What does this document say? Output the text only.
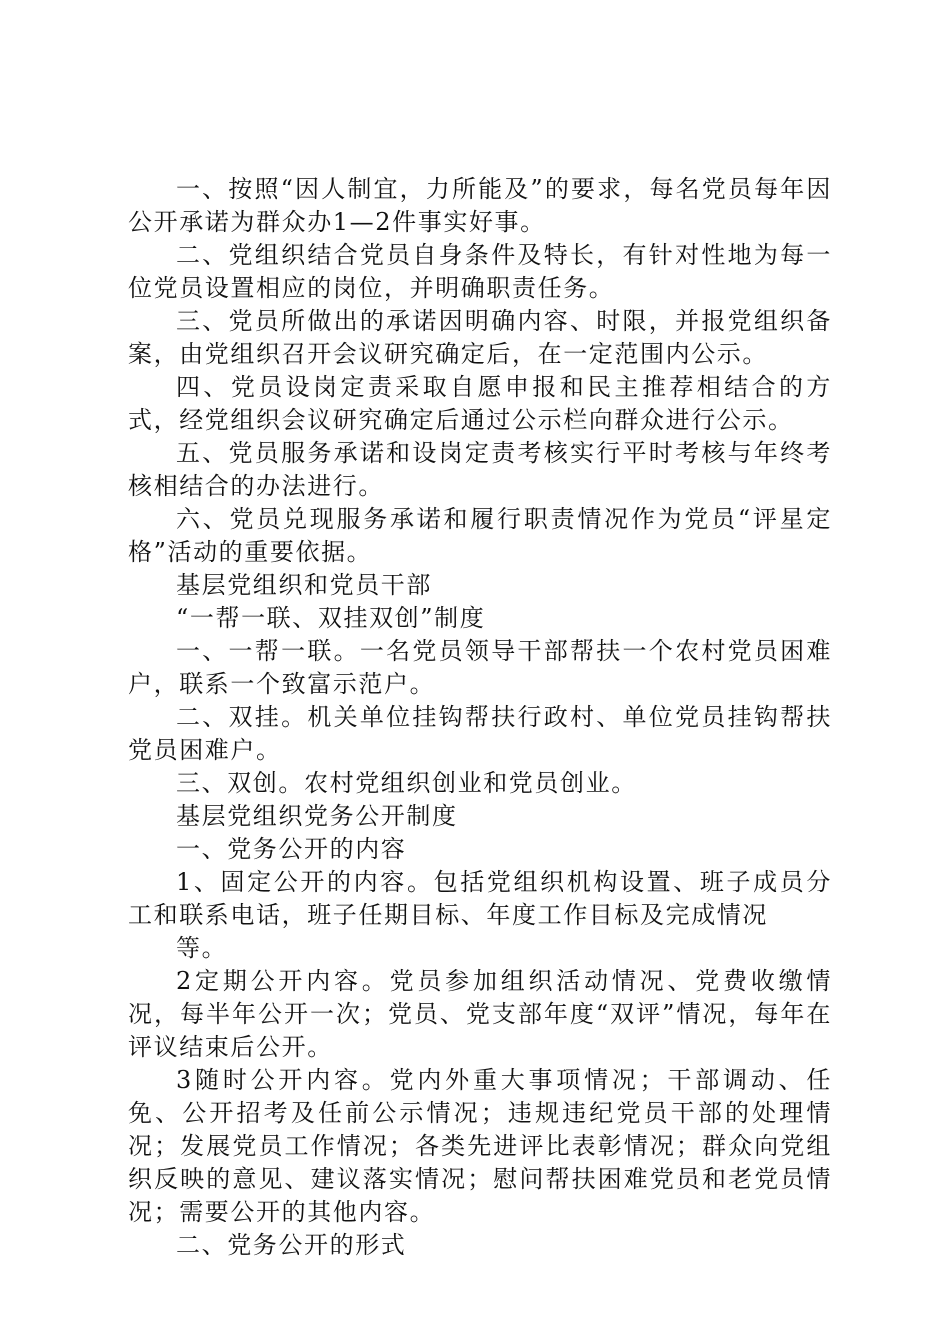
一、按照“因人制宜，力所能及”的要求，每名党员每年因公开承诺为群众办1—2件事实好事。

二、党组织结合党员自身条件及特长，有针对性地为每一位党员设置相应的岗位，并明确职责任务。

三、党员所做出的承诺因明确内容、时限，并报党组织备案，由党组织召开会议研究确定后，在一定范围内公示。

四、党员设岗定责采取自愿申报和民主推荐相结合的方式，经党组织会议研究确定后通过公示栏向群众进行公示。

五、党员服务承诺和设岗定责考核实行平时考核与年终考核相结合的办法进行。

六、党员兑现服务承诺和履行职责情况作为党员“评星定格”活动的重要依据。

基层党组织和党员干部

“一帮一联、双挂双创”制度

一、一帮一联。一名党员领导干部帮扶一个农村党员困难户，联系一个致富示范户。

二、双挂。机关单位挂钩帮扶行政村、单位党员挂钩帮扶党员困难户。

三、双创。农村党组织创业和党员创业。

基层党组织党务公开制度

一、党务公开的内容

1、固定公开的内容。包括党组织机构设置、班子成员分工和联系电话，班子任期目标、年度工作目标及完成情况

等。

2定期公开内容。党员参加组织活动情况、党费收缴情况，每半年公开一次；党员、党支部年度“双评”情况，每年在评议结束后公开。

3随时公开内容。党内外重大事项情况；干部调动、任免、公开招考及任前公示情况；违规违纪党员干部的处理情况；发展党员工作情况；各类先进评比表彰情况；群众向党组织反映的意见、建议落实情况；慰问帮扶困难党员和老党员情况；需要公开的其他内容。

二、党务公开的形式
